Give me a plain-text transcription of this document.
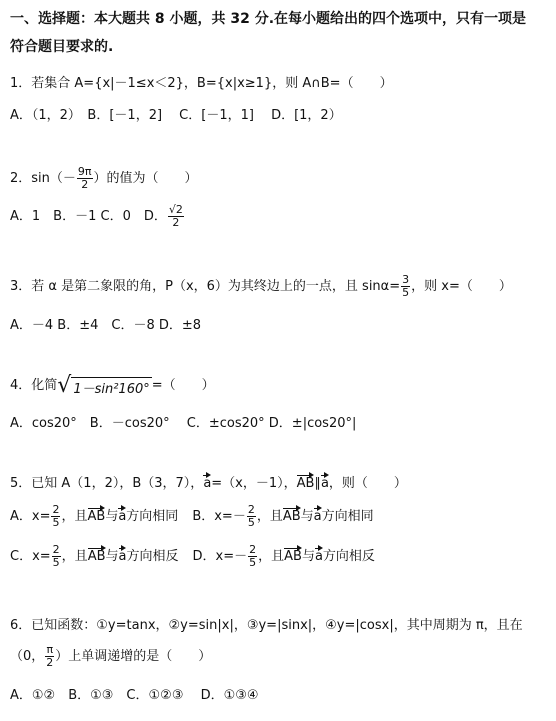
一、选择题：本大题共 8 小题，共 32 分.在每小题给出的四个选项中，只有一项是
符合题目要求的.
1．若集合 A={x|－1≤x＜2}，B={x|x≥1}，则 A∩B=（　　）
A．（1，2）　B．[－1，2]　 C．[－1，1]　 D．[1，2）
2．$\sin(- \frac{9\pi}{2}$ ）的值为（　　）
A．1　B．－1 C．0　D． $\frac{√2}{2}$
3．若 α 是第二象限的角，P（x，6）为其终边上的一点，且 $\sin\alpha= \frac{3}{5}$ ，则 x=（　　）
A．－4 B．±4　C．－8 D．±8
4．化简 √ 1－sin²160° =（　　）
A．cos20°　B．－cos20°　 C．±cos20° D．±|cos20°|
5．已知 A（1，2），B（3，7），a=（x，－1），AB∥a，则（　　）
A．$x= \frac{2}{5}$ ，且AB与a方向相同 B．$x=- \frac{2}{5}$ ，且AB与a方向相同
C．$x= \frac{2}{5}$ ，且AB与a方向相反 D．$x=- \frac{2}{5}$ ，且AB与a方向相反
6．已知函数：①y=tanx，②y=sin|x|，③y=|sinx|，④y=|cosx|，其中周期为 π，且在
（0， $\frac{\pi}{2}$ ）上单调递增的是（　　）
A．①②　B．①③　C．①②③　 D．①③④
